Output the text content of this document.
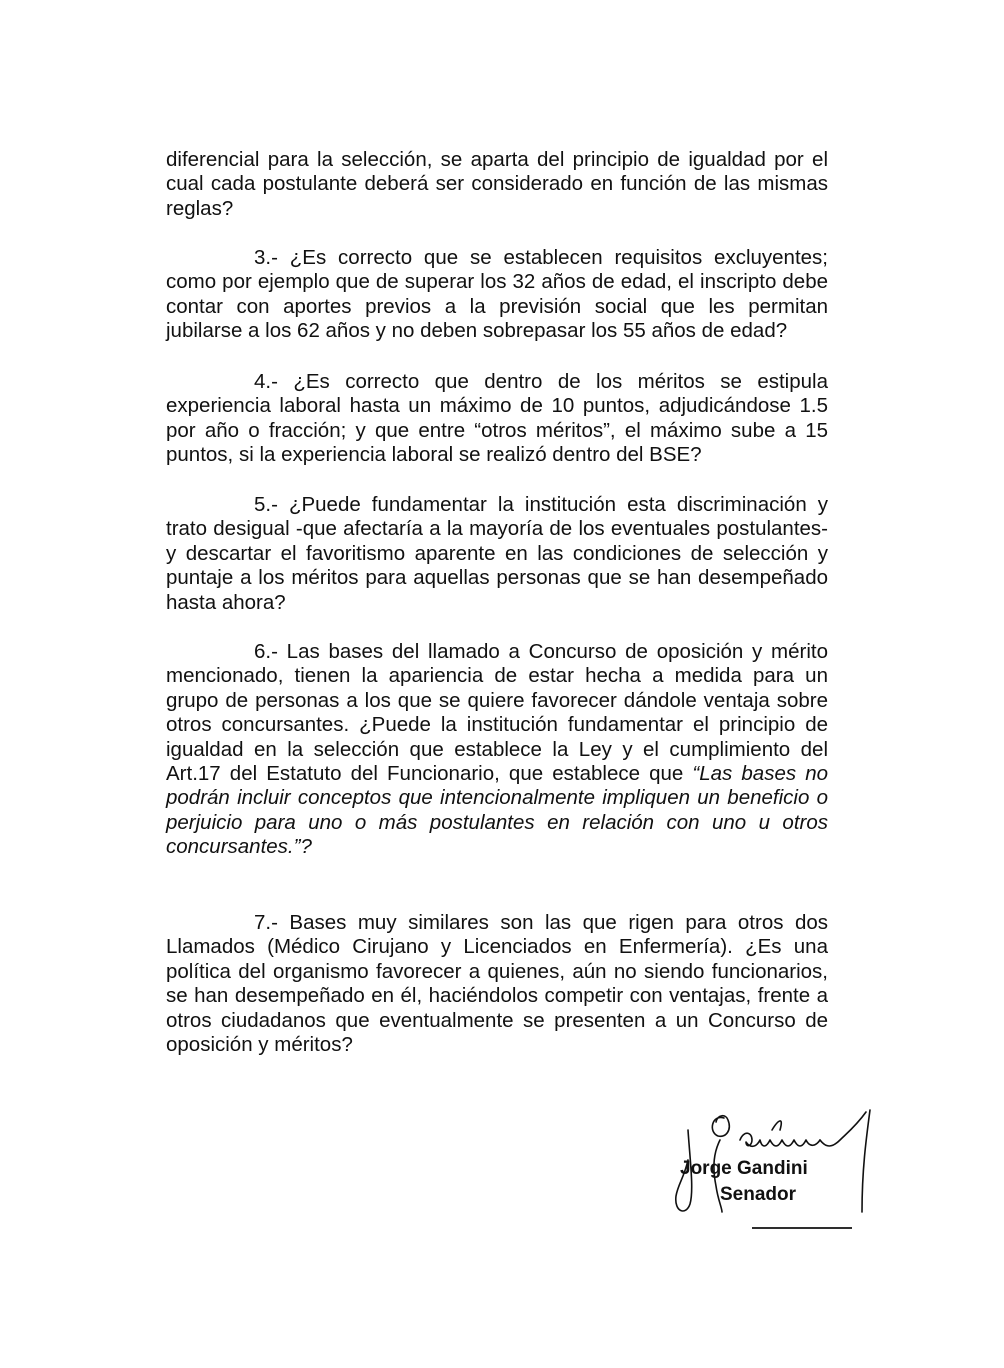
diferencial para la selección, se aparta del principio de igualdad por el cual cada postulante deberá ser considerado en función de las mismas reglas?

3.- ¿Es correcto que se establecen requisitos excluyentes; como por ejemplo que de superar los 32 años de edad, el inscripto debe contar con aportes previos a la previsión social que les permitan jubilarse a los 62 años y no deben sobrepasar los 55 años de edad?

4.- ¿Es correcto que dentro de los méritos se estipula experiencia laboral hasta un máximo de 10 puntos, adjudicándose 1.5 por año o fracción; y que entre “otros méritos”, el máximo sube a 15 puntos, si la experiencia laboral se realizó dentro del BSE?

5.- ¿Puede fundamentar la institución esta discriminación y trato desigual -que afectaría a la mayoría de los eventuales postulantes- y descartar el favoritismo aparente en las condiciones de selección y puntaje a los méritos para aquellas personas que se han desempeñado hasta ahora?

6.- Las bases del llamado a Concurso de oposición y mérito mencionado, tienen la apariencia de estar hecha a medida para un grupo de personas a los que se quiere favorecer dándole ventaja sobre otros concursantes. ¿Puede la institución fundamentar el principio de igualdad en la selección que establece la Ley y el cumplimiento del Art.17 del Estatuto del Funcionario, que establece que “Las bases no podrán incluir conceptos que intencionalmente impliquen un beneficio o perjuicio para uno o más postulantes en relación con uno u otros concursantes.”?

7.- Bases muy similares son las que rigen para otros dos Llamados (Médico Cirujano y Licenciados en Enfermería). ¿Es una política del organismo favorecer a quienes, aún no siendo funcionarios, se han desempeñado en él, haciéndolos competir con ventajas, frente a otros ciudadanos que eventualmente se presenten a un Concurso de oposición y méritos?

Jorge Gandini
Senador
